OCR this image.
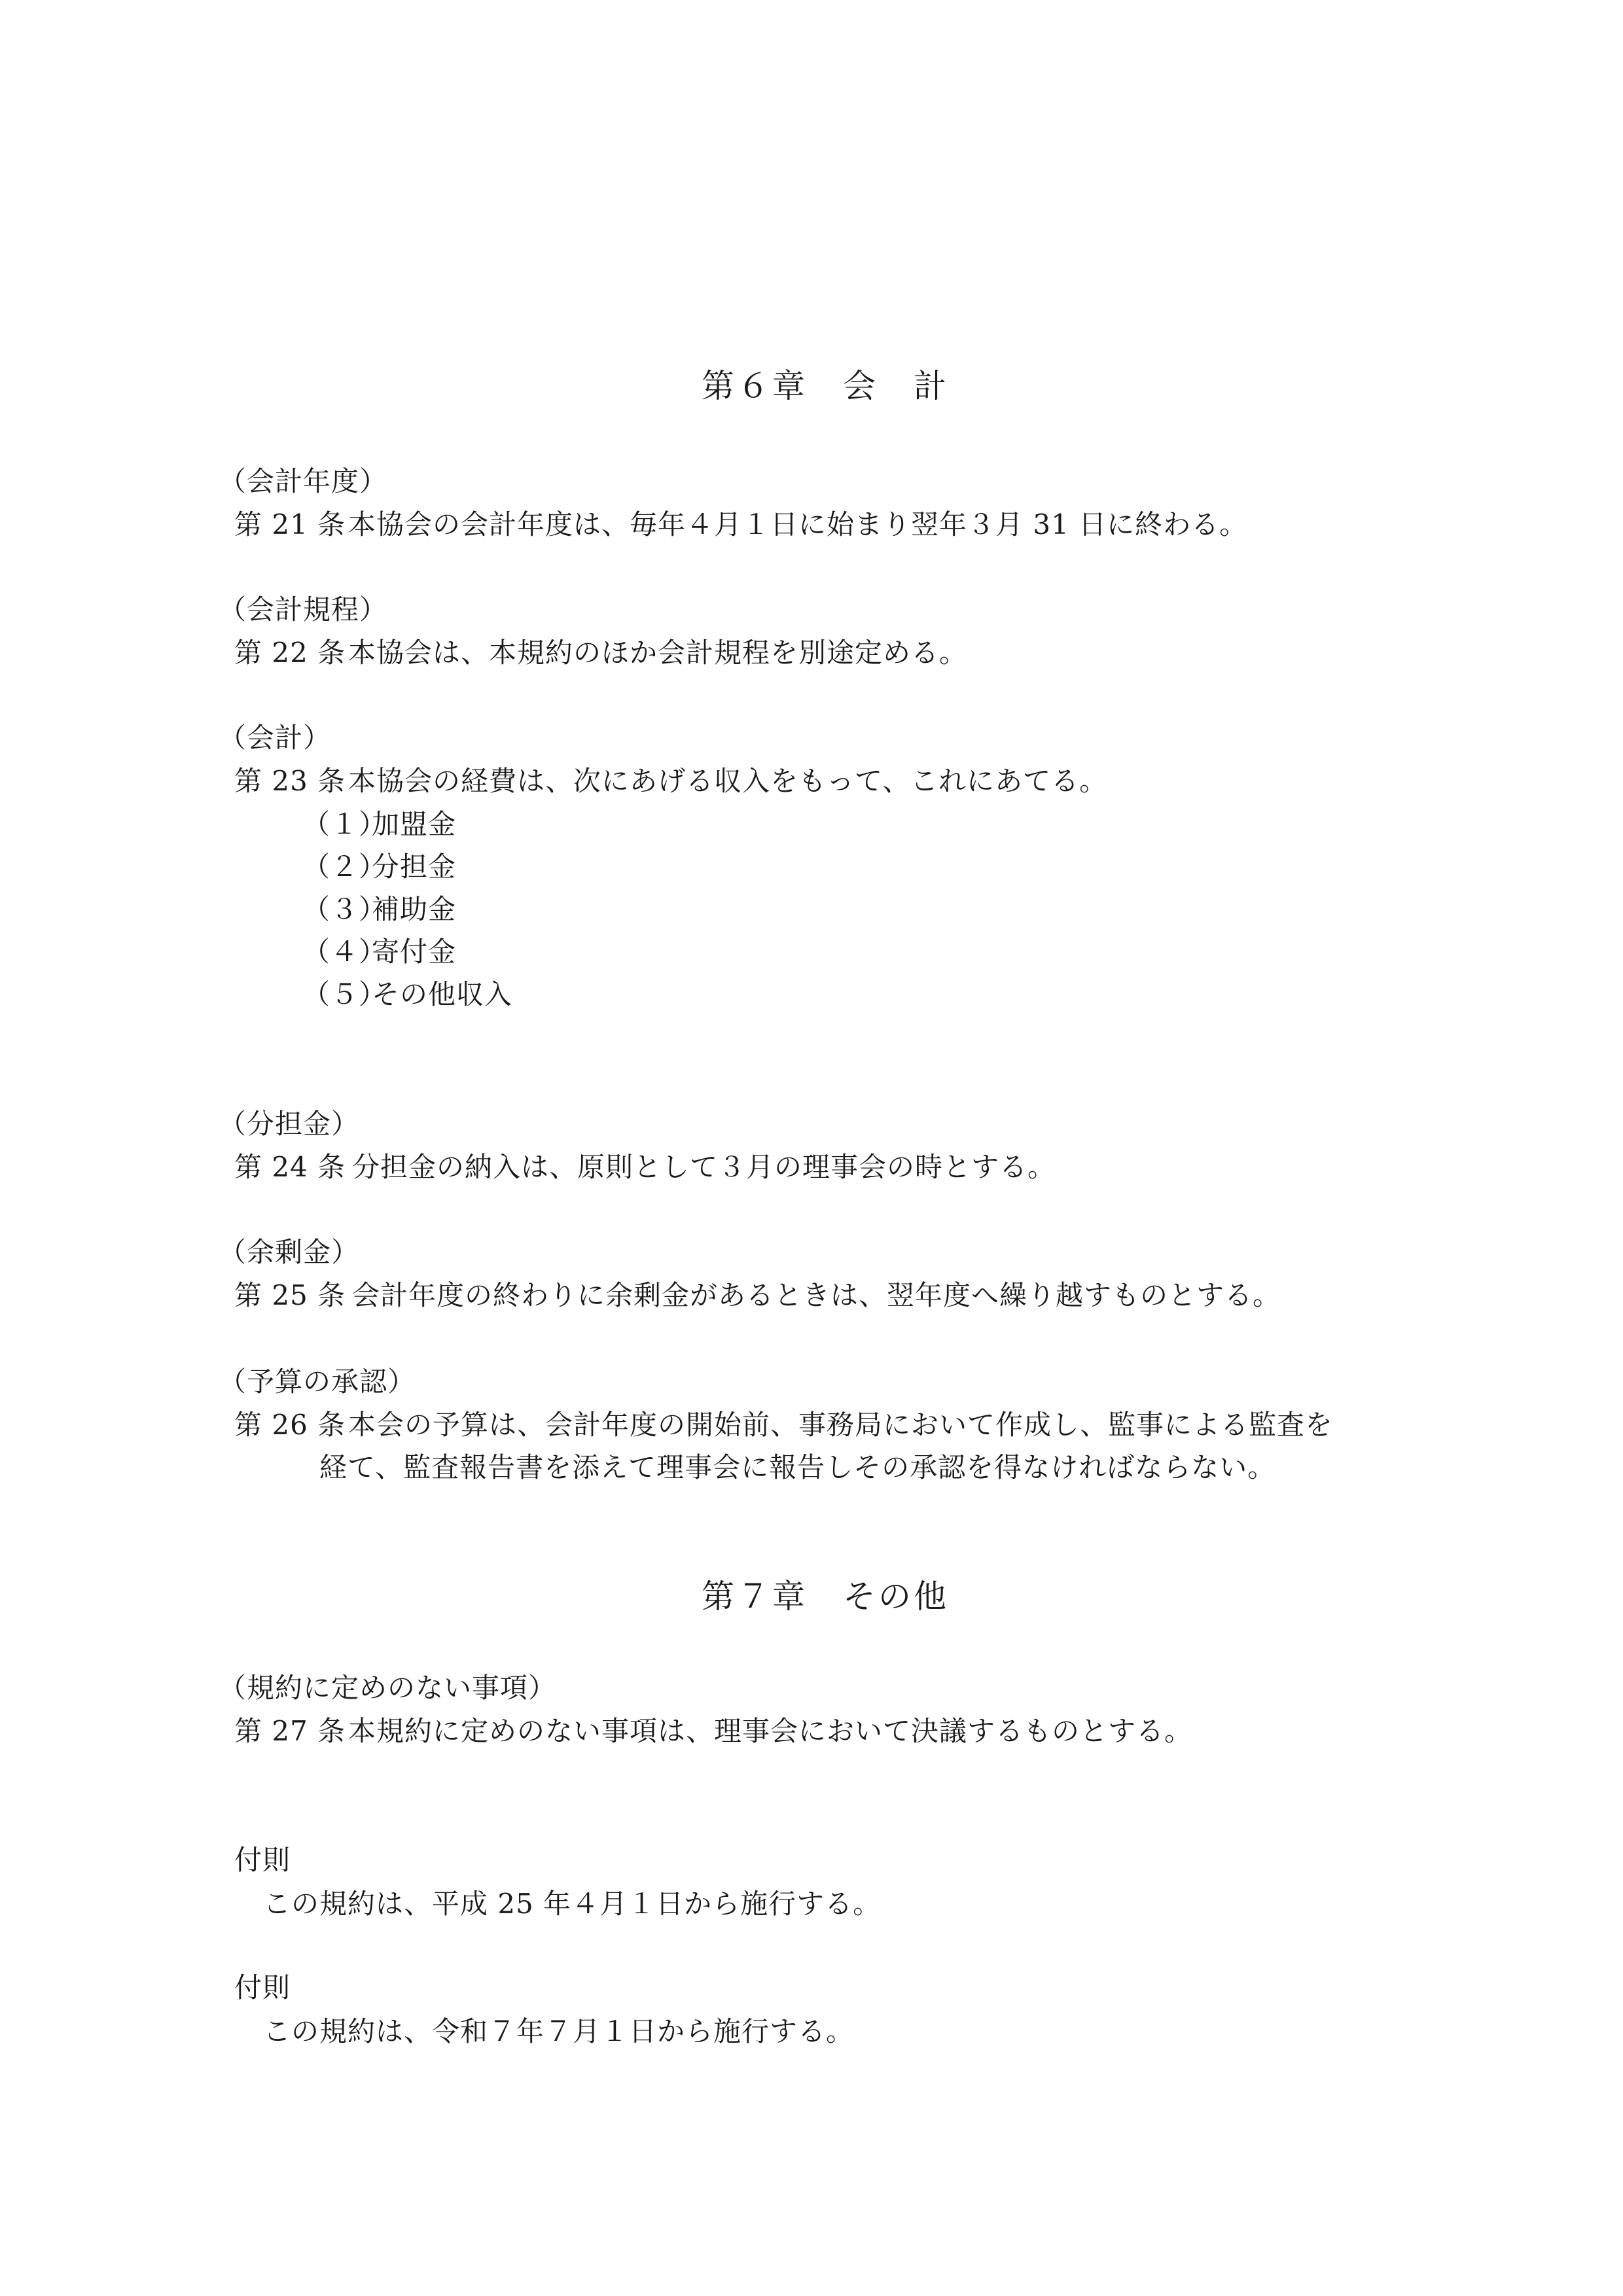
第６章　会　計
（会計年度）
第 21 条本協会の会計年度は、毎年４月１日に始まり翌年３月 31 日に終わる。
（会計規程）
第 22 条本協会は、本規約のほか会計規程を別途定める。
（会計）
第 23 条本協会の経費は、次にあげる収入をもって、これにあてる。
（１）加盟金
（２）分担金
（３）補助金
（４）寄付金
（５）その他収入
（分担金）
第 24 条 分担金の納入は、原則として３月の理事会の時とする。
（余剰金）
第 25 条 会計年度の終わりに余剰金があるときは、翌年度へ繰り越すものとする。
（予算の承認）
第 26 条本会の予算は、会計年度の開始前、事務局において作成し、監事による監査を
経て、監査報告書を添えて理事会に報告しその承認を得なければならない。
第７章　その他
（規約に定めのない事項）
第 27 条本規約に定めのない事項は、理事会において決議するものとする。
付則
この規約は、平成 25 年４月１日から施行する。
付則
この規約は、令和７年７月１日から施行する。
